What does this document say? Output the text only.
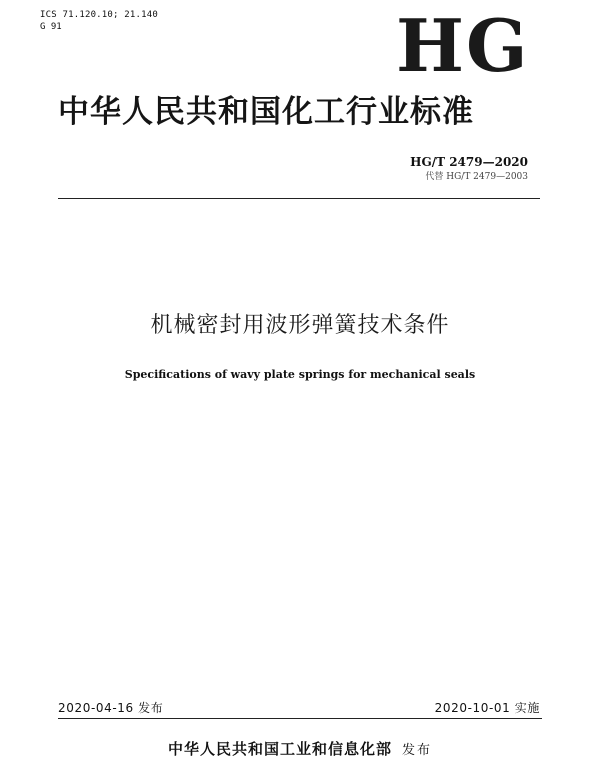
ICS 71.120.10; 21.140
G 91	HG
中华人民共和国化工行业标准
HG/T 2479—2020
代替 HG/T 2479—2003
机械密封用波形弹簧技术条件
Specifications of wavy plate springs for mechanical seals
2020-04-16 发布	2020-10-01 实施
中华人民共和国工业和信息化部 发布
